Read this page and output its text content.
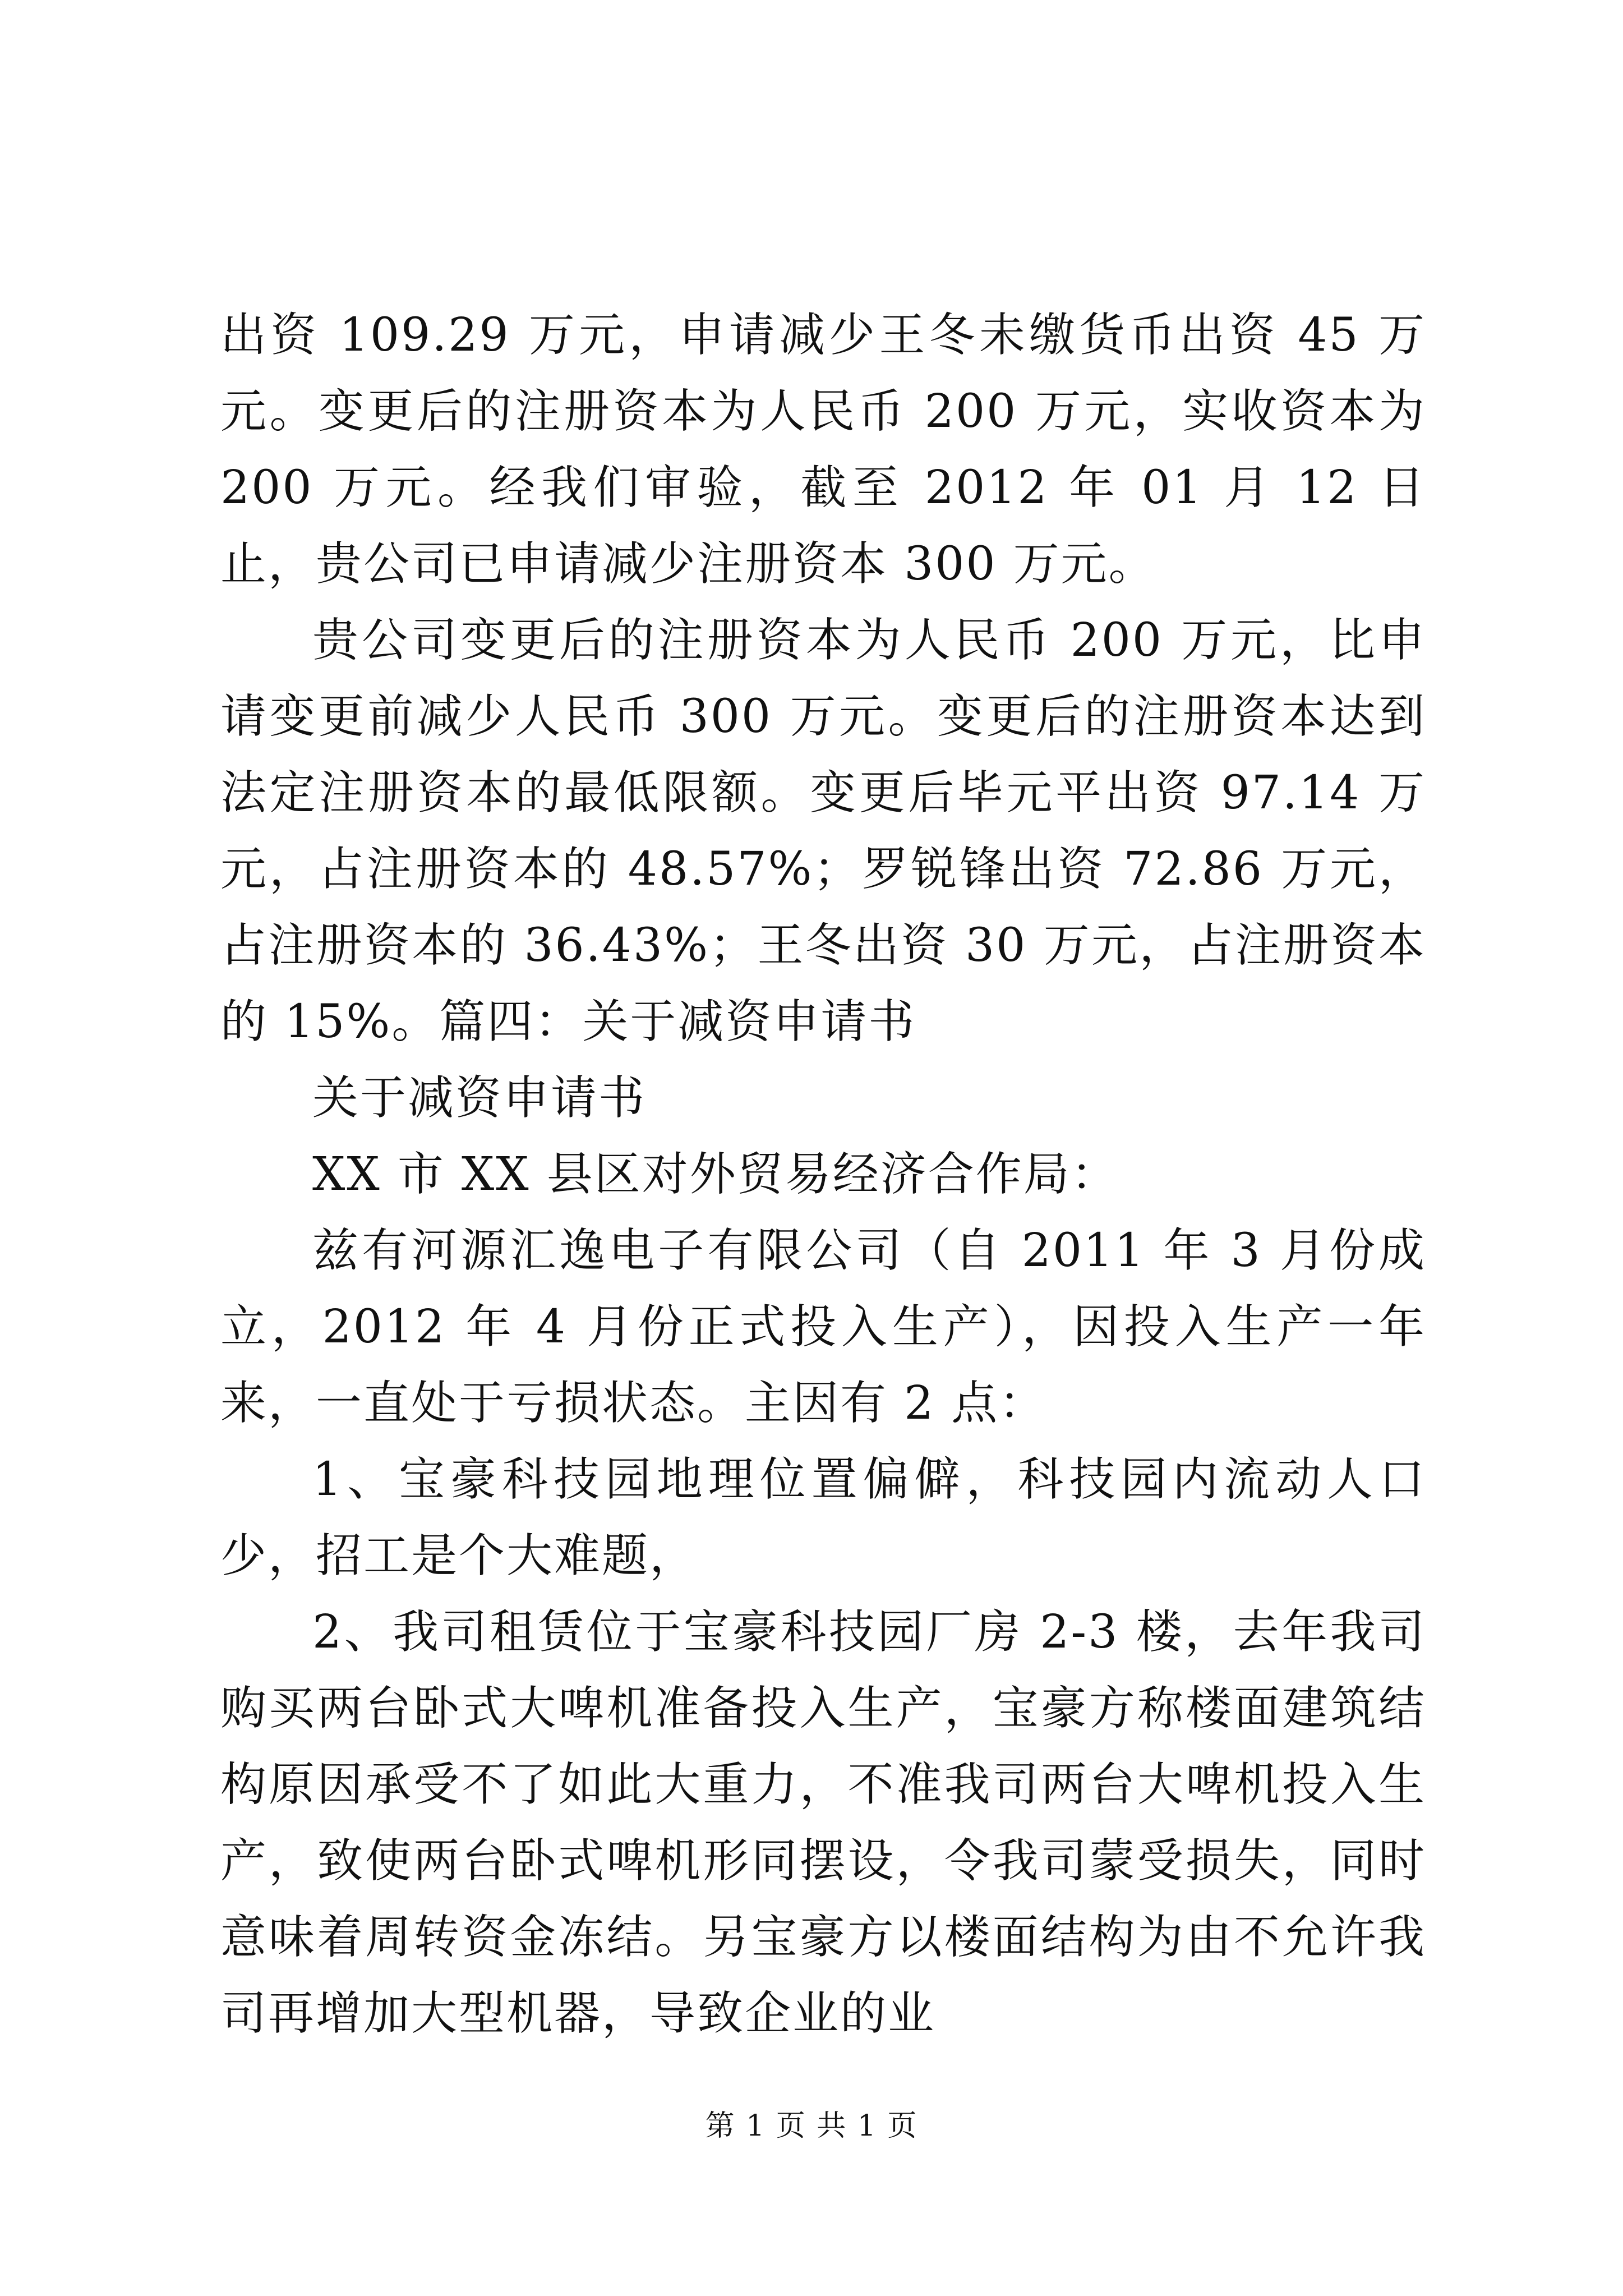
出资 109.29 万元，申请减少王冬未缴货币出资 45 万元。变更后的注册资本为人民币 200 万元，实收资本为 200 万元。经我们审验，截至 2012 年 01 月 12 日止，贵公司已申请减少注册资本 300 万元。

贵公司变更后的注册资本为人民币 200 万元，比申请变更前减少人民币 300 万元。变更后的注册资本达到法定注册资本的最低限额。变更后毕元平出资 97.14 万元，占注册资本的 48.57%；罗锐锋出资 72.86 万元，占注册资本的 36.43%；王冬出资 30 万元，占注册资本的 15%。篇四：关于减资申请书

关于减资申请书

XX 市 XX 县区对外贸易经济合作局：

兹有河源汇逸电子有限公司（自 2011 年 3 月份成立，2012 年 4 月份正式投入生产），因投入生产一年来，一直处于亏损状态。主因有 2 点：

1、宝豪科技园地理位置偏僻，科技园内流动人口少，招工是个大难题，

2、我司租赁位于宝豪科技园厂房 2-3 楼，去年我司购买两台卧式大啤机准备投入生产，宝豪方称楼面建筑结构原因承受不了如此大重力，不准我司两台大啤机投入生产，致使两台卧式啤机形同摆设，令我司蒙受损失，同时意味着周转资金冻结。另宝豪方以楼面结构为由不允许我司再增加大型机器，导致企业的业

第 1 页 共 1 页
